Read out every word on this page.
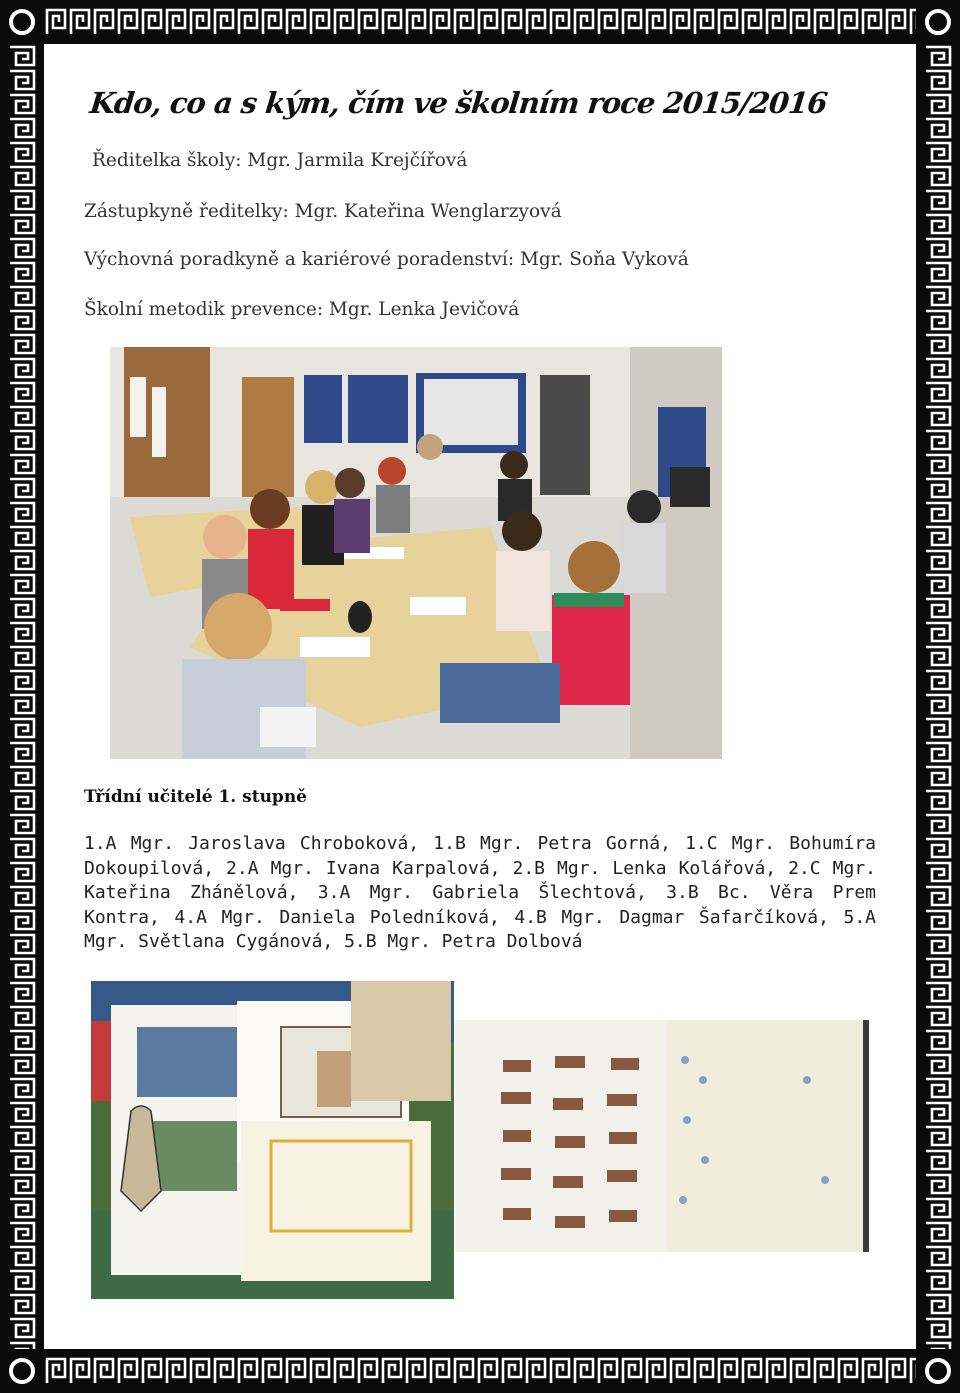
Kdo, co a s kým, čím ve školním roce 2015/2016
Ředitelka školy: Mgr. Jarmila Krejčířová
Zástupkyně ředitelky: Mgr. Kateřina Wenglarzyová
Výchovná poradkyně a kariérové poradenství: Mgr. Soňa Vyková
Školní metodik prevence: Mgr. Lenka Jevičová
Třídní učitelé 1. stupně
1.A Mgr. Jaroslava Chroboková, 1.B Mgr. Petra Gorná, 1.C Mgr. Bohumíra Dokoupilová, 2.A Mgr. Ivana Karpalová, 2.B Mgr. Lenka Kolářová, 2.C Mgr. Kateřina Zhánělová, 3.A Mgr. Gabriela Šlechtová, 3.B Bc. Věra Prem Kontra, 4.A Mgr. Daniela Poledníková, 4.B Mgr. Dagmar Šafarčíková, 5.A Mgr. Světlana Cygánová, 5.B Mgr. Petra Dolbová
